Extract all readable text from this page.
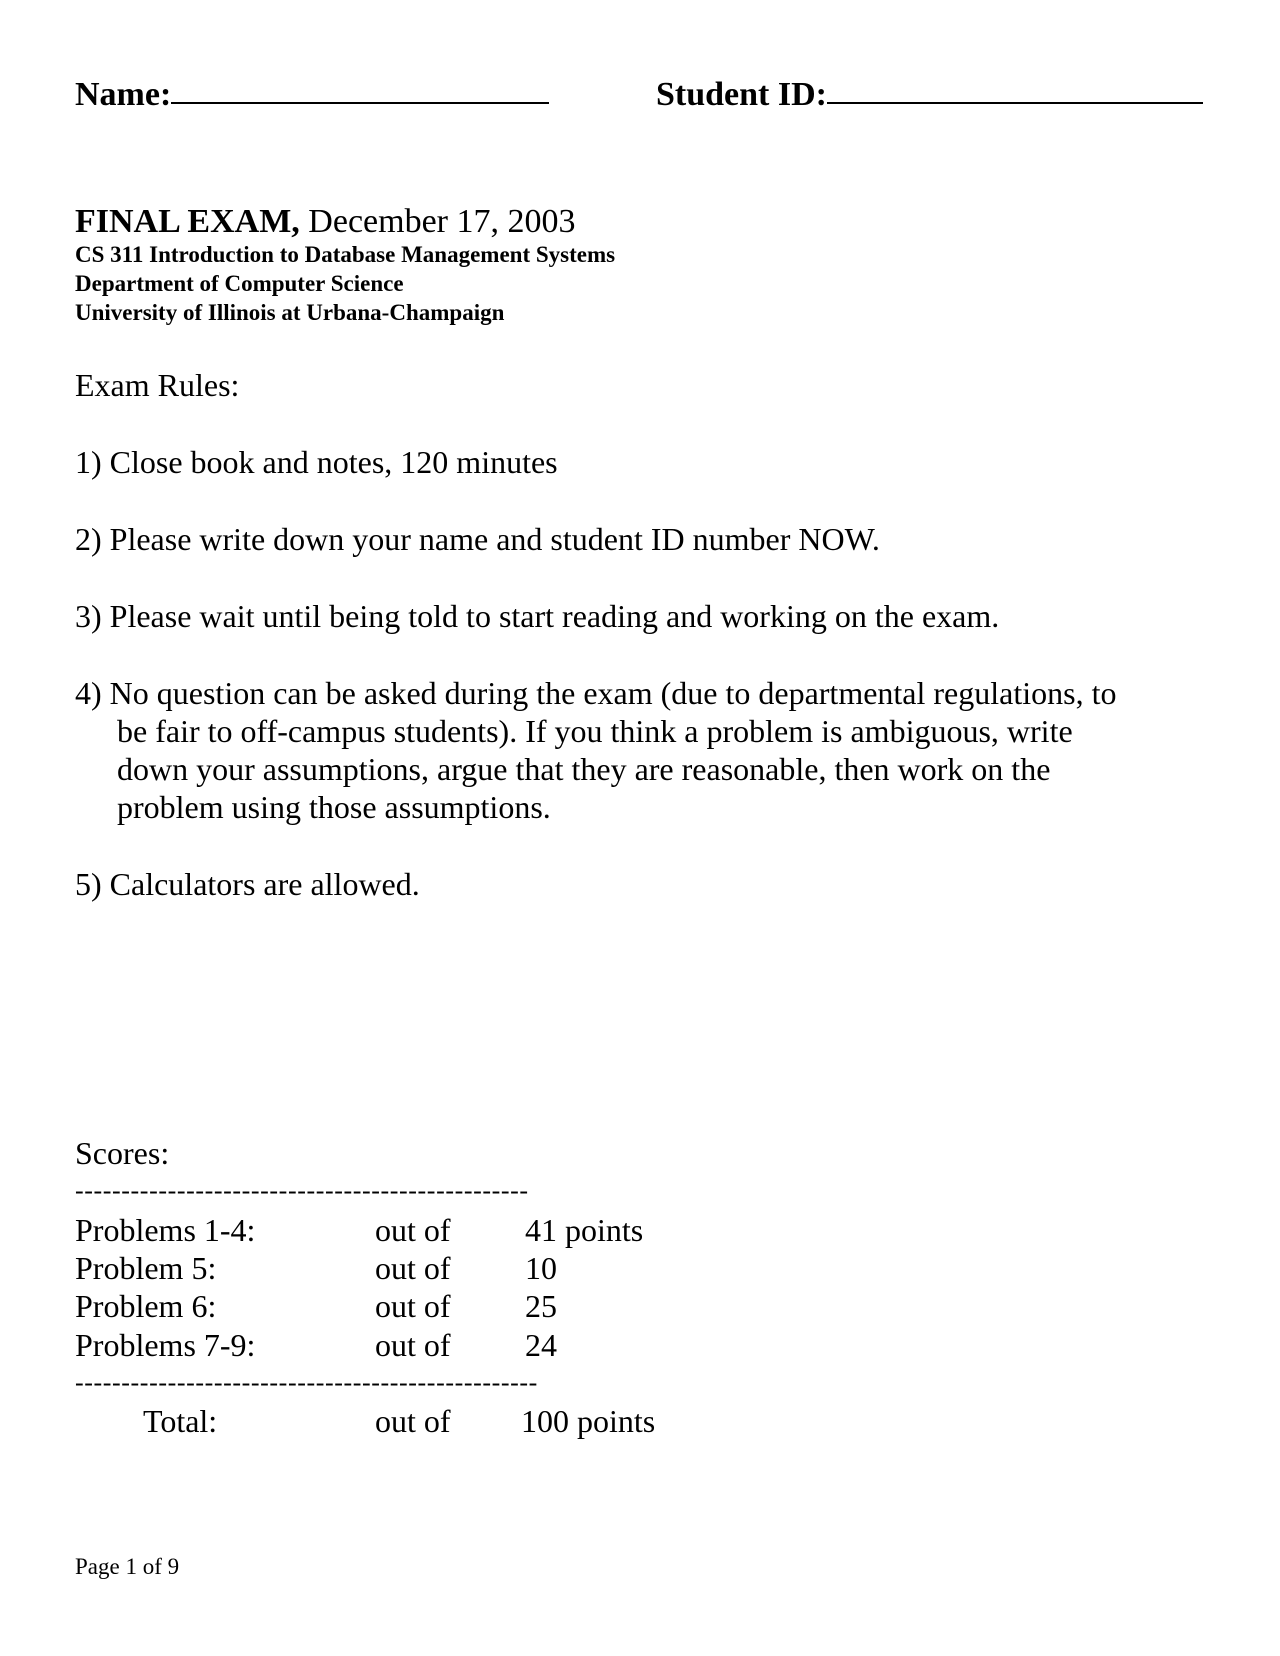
Name:	Student ID:
FINAL EXAM, December 17, 2003
CS 311 Introduction to Database Management Systems
Department of Computer Science
University of Illinois at Urbana-Champaign
Exam Rules:
1) Close book and notes, 120 minutes
2) Please write down your name and student ID number NOW.
3) Please wait until being told to start reading and working on the exam.
4) No question can be asked during the exam (due to departmental regulations, to
be fair to off-campus students). If you think a problem is ambiguous, write
down your assumptions, argue that they are reasonable, then work on the
problem using those assumptions.
5) Calculators are allowed.
Scores:
-------------------------------------------------
Problems 1-4:	out of 41 points
Problem 5:	out of 10
Problem 6:	out of 25
Problems 7-9:	out of 24
--------------------------------------------------
Total:	out of 100 points
Page 1 of 9
